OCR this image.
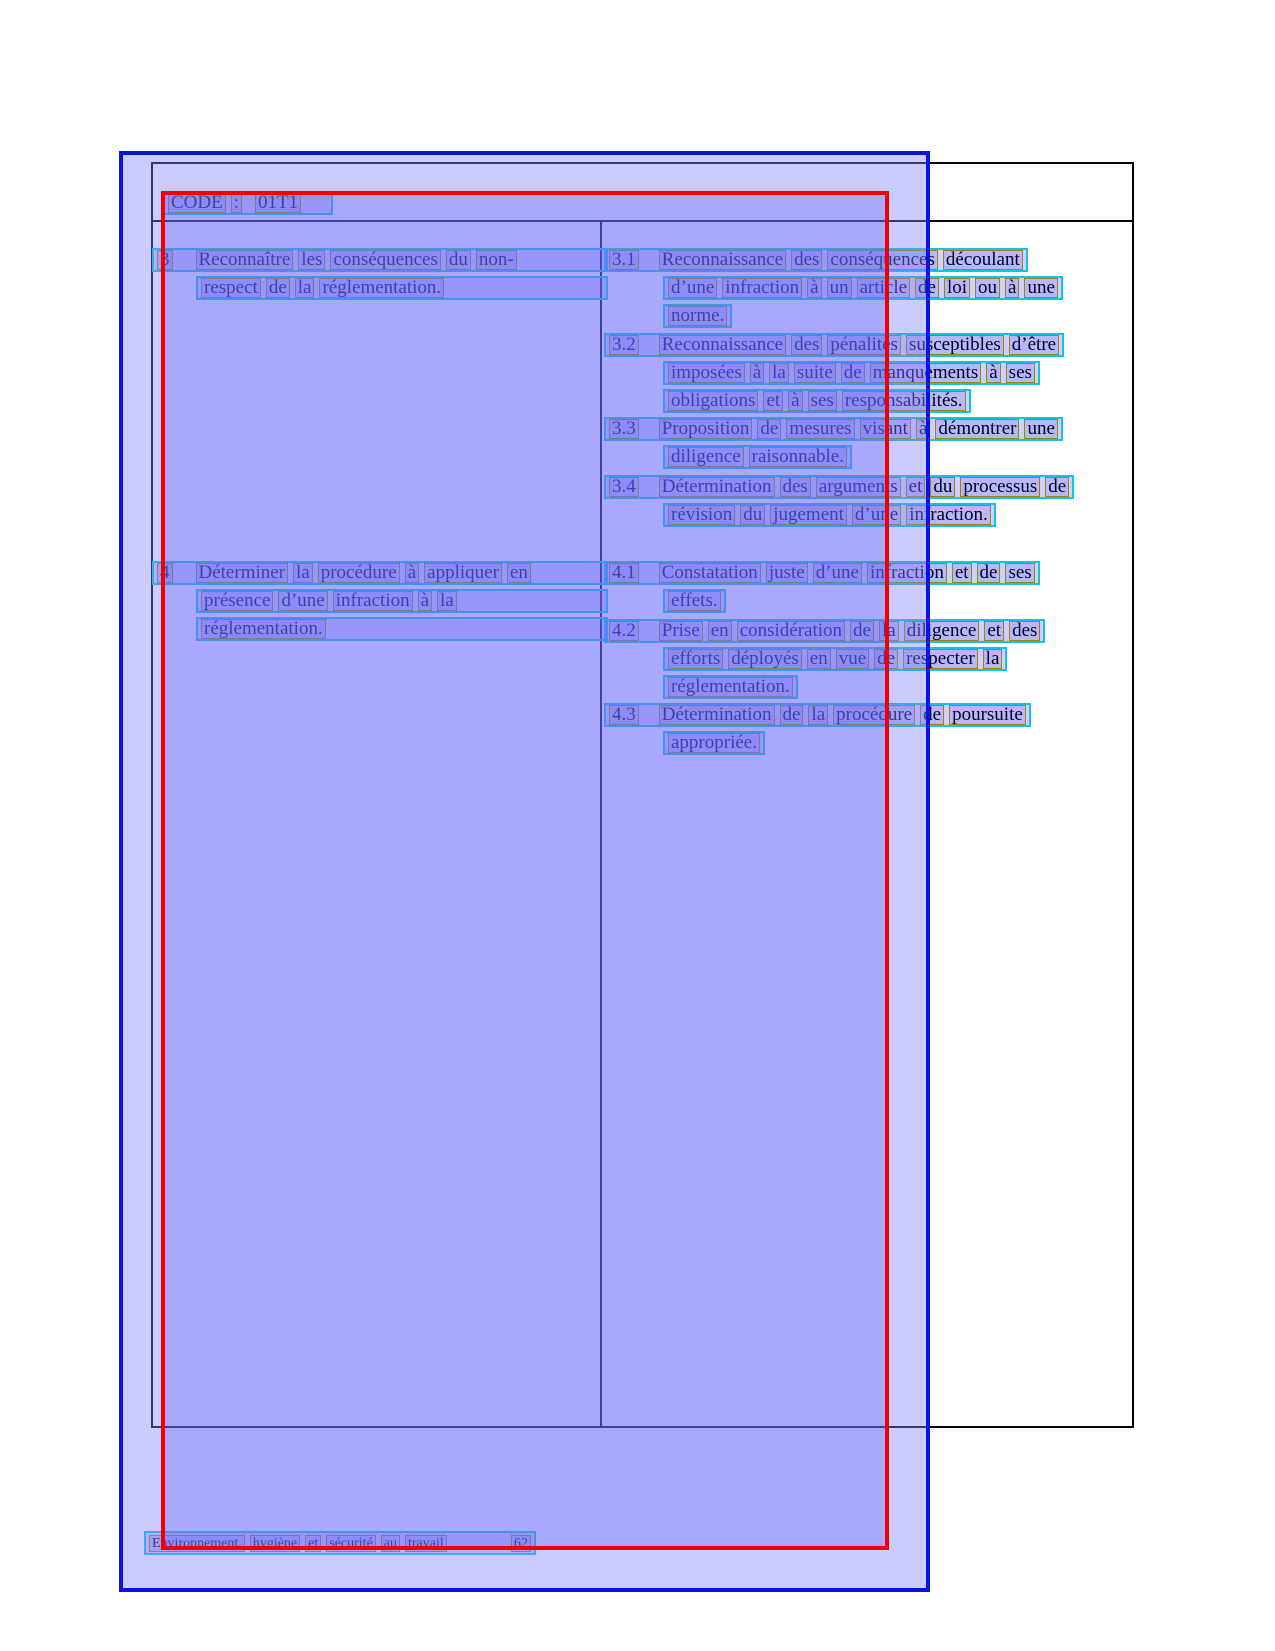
CODE : 01T1
3 Reconnaître les conséquences du non-
respect de la réglementation.
3.1 Reconnaissance des conséquences découlant
d’une infraction à un article de loi ou à une
norme.
3.2 Reconnaissance des pénalités susceptibles d’être
imposées à la suite de manquements à ses
obligations et à ses responsabilités.
3.3 Proposition de mesures visant à démontrer une
diligence raisonnable.
3.4 Détermination des arguments et du processus de
révision du jugement d’une infraction.
4 Déterminer la procédure à appliquer en
présence d’une infraction à la
réglementation.
4.1 Constatation juste d’une infraction et de ses
effets.
4.2 Prise en considération de la diligence et des
efforts déployés en vue de respecter la
réglementation.
4.3 Détermination de la procédure de poursuite
appropriée.
Environnement, hygiène et sécurité au travail	62
